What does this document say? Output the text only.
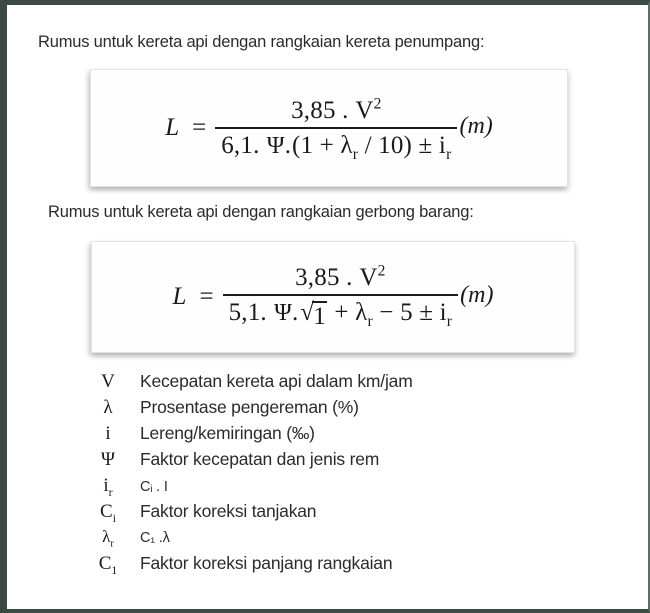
Rumus untuk kereta api dengan rangkaian kereta penumpang:
L =
3,85 . $V^2$
6,1. $\Psi.(1 + \lambda_r / 10) \pm i_r$
(m)
Rumus untuk kereta api dengan rangkaian gerbong barang:
L =
3,85 . $V^2$
5,1. Ψ. √ $1 + \lambda_r - 5 \pm i_r$
(m)
V	Kecepatan kereta api dalam km/jam
λ	Prosentase pengereman (%)
i	Lereng/kemiringan (‰)
Ψ	Faktor kecepatan dan jenis rem
$i_r$	Cᵢ . I
$C_i$	Faktor koreksi tanjakan
$\lambda_r$	C₁ .λ
$C_1$	Faktor koreksi panjang rangkaian
